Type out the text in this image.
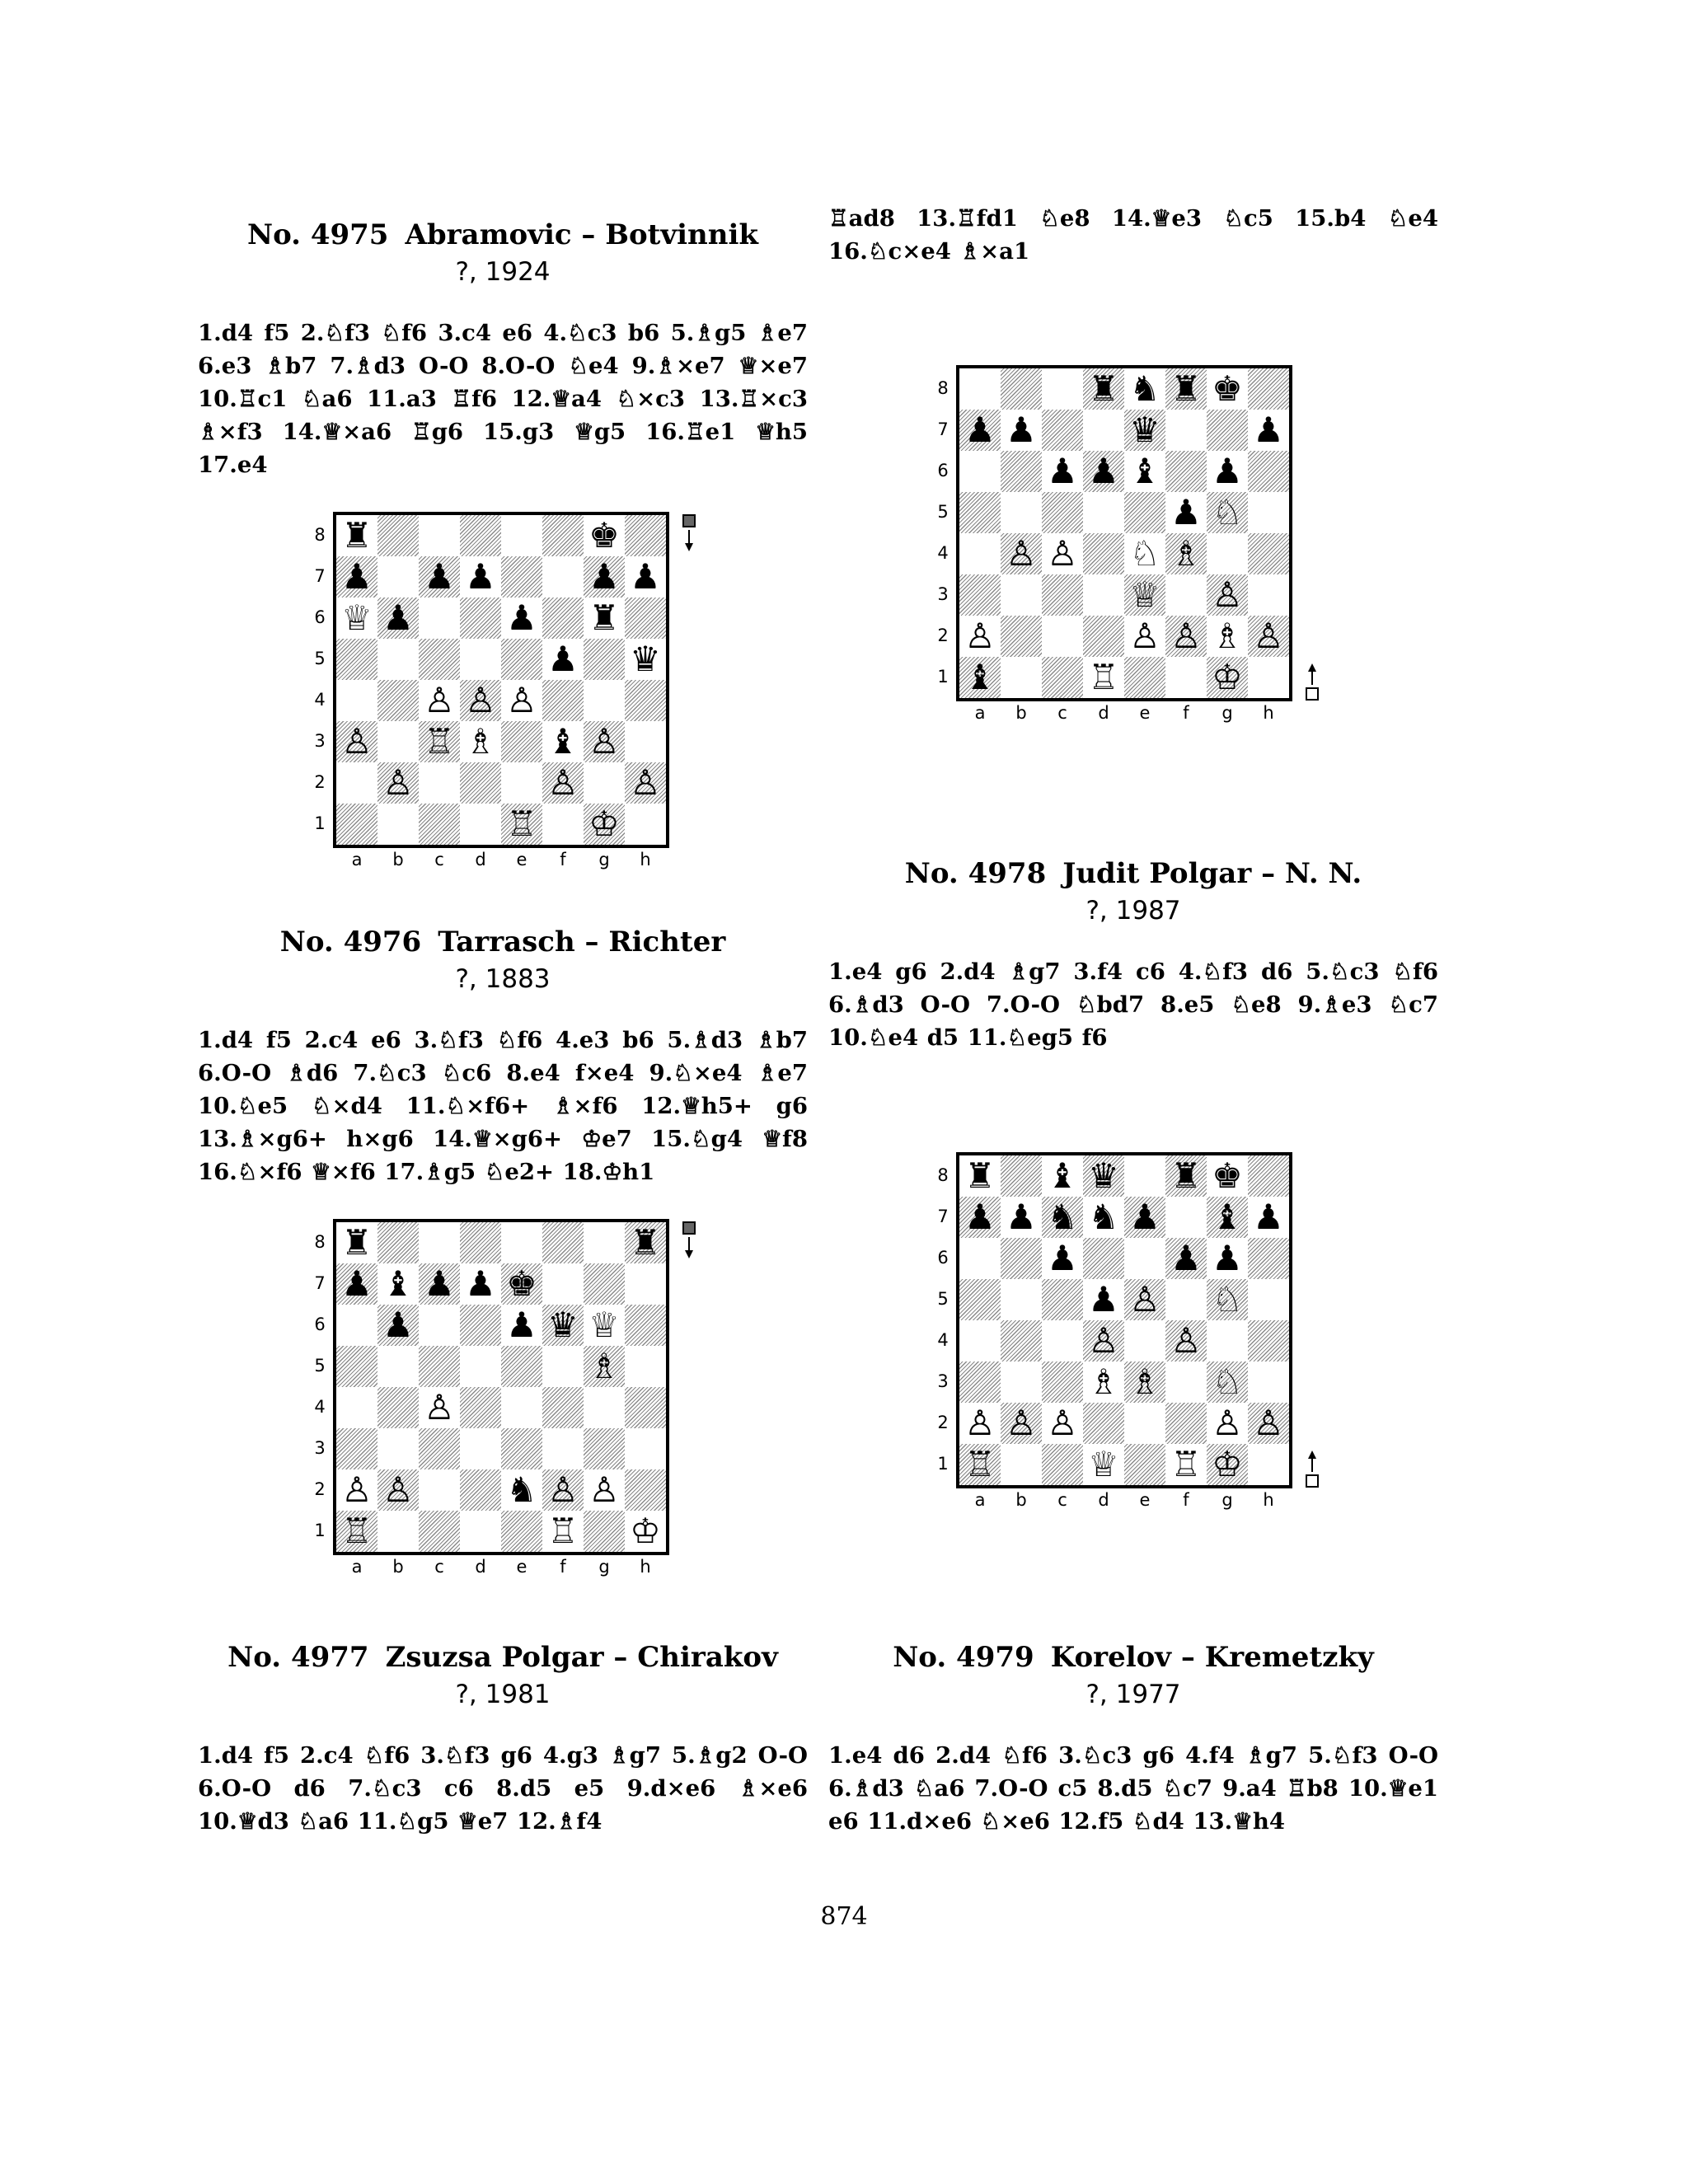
No. 4975 Abramovic – Botvinnik
?, 1924
1.d4 f5 2.♘f3 ♘f6 3.c4 e6 4.♘c3 b6 5.♗g5 ♗e7 6.e3 ♗b7 7.♗d3 O-O 8.O-O ♘e4 9.♗×e7 ♕×e7 10.♖c1 ♘a6 11.a3 ♖f6 12.♕a4 ♘×c3 13.♖×c3 ♗×f3 14.♕×a6 ♖g6 15.g3 ♕g5 16.♖e1 ♕h5 17.e4
8
7
6
5
4
3
2
1
♜	♚
♟ ♟ ♟	♟ ♟
♕ ♟	♟ ♜
♟ ♛
♙ ♙ ♙
♙ ♖ ♗ ♝ ♙
♙	♙ ♙
♖ ♔
a	b	c	d	e	f	g	h
No. 4976 Tarrasch – Richter
?, 1883
1.d4 f5 2.c4 e6 3.♘f3 ♘f6 4.e3 b6 5.♗d3 ♗b7 6.O-O ♗d6 7.♘c3 ♘c6 8.e4 f×e4 9.♘×e4 ♗e7 10.♘e5 ♘×d4 11.♘×f6+ ♗×f6 12.♕h5+ g6 13.♗×g6+ h×g6 14.♕×g6+ ♔e7 15.♘g4 ♕f8 16.♘×f6 ♕×f6 17.♗g5 ♘e2+ 18.♔h1
8
7
6
5
4
3
2
1
♜	♜
♟ ♝ ♟ ♟ ♚
♟	♟ ♛ ♕
♗
♙
♙ ♙	♞ ♙ ♙
♖	♖ ♔
a	b	c	d	e	f	g	h
No. 4977 Zsuzsa Polgar – Chirakov
?, 1981
1.d4 f5 2.c4 ♘f6 3.♘f3 g6 4.g3 ♗g7 5.♗g2 O-O 6.O-O d6 7.♘c3 c6 8.d5 e5 9.d×e6 ♗×e6 10.♕d3 ♘a6 11.♘g5 ♕e7 12.♗f4
♖ad8 13.♖fd1 ♘e8 14.♕e3 ♘c5 15.b4 ♘e4 16.♘c×e4 ♗×a1
8
7
6
5
4
3
2
1
♜ ♞ ♜ ♚
♟ ♟	♛	♟
♟ ♟ ♝ ♟
♟ ♘
♙ ♙ ♘ ♗
♕ ♙
♙	♙ ♙ ♗ ♙
♝	♖	♔
a	b	c	d	e	f	g	h
No. 4978 Judit Polgar – N. N.
?, 1987
1.e4 g6 2.d4 ♗g7 3.f4 c6 4.♘f3 d6 5.♘c3 ♘f6 6.♗d3 O-O 7.O-O ♘bd7 8.e5 ♘e8 9.♗e3 ♘c7 10.♘e4 d5 11.♘eg5 f6
8
7
6
5
4
3
2
1
♜ ♝ ♛ ♜ ♚
♟ ♟ ♞ ♞ ♟ ♝ ♟
♟	♟ ♟
♟ ♙ ♘
♙ ♙
♗ ♗ ♘
♙ ♙ ♙	♙ ♙
♖	♕ ♖ ♔
a	b	c	d	e	f	g	h
No. 4979 Korelov – Kremetzky
?, 1977
1.e4 d6 2.d4 ♘f6 3.♘c3 g6 4.f4 ♗g7 5.♘f3 O-O 6.♗d3 ♘a6 7.O-O c5 8.d5 ♘c7 9.a4 ♖b8 10.♕e1 e6 11.d×e6 ♘×e6 12.f5 ♘d4 13.♕h4
874
